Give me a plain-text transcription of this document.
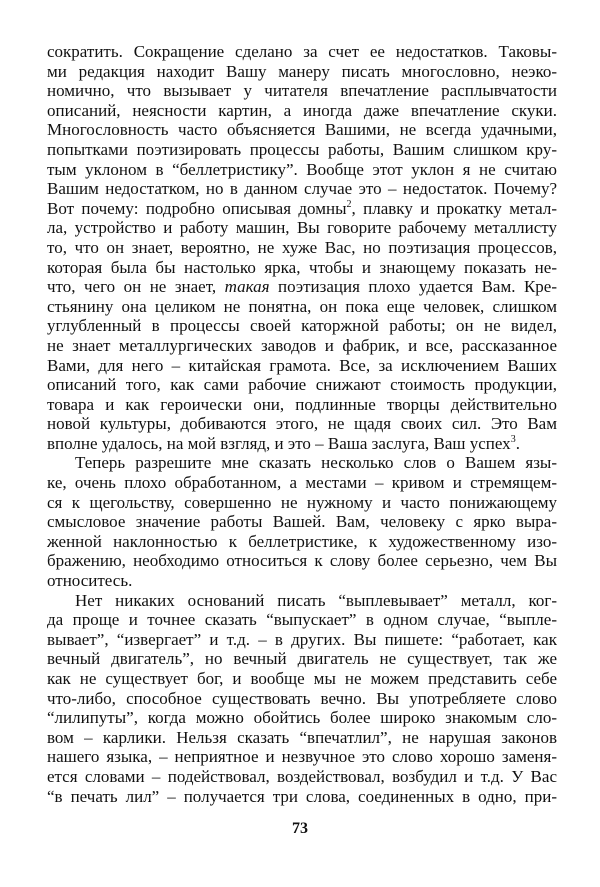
сократить. Сокращение сделано за счет ее недостатков. Таковы-
ми редакция находит Вашу манеру писать многословно, неэко-
номично, что вызывает у читателя впечатление расплывчатости
описаний, неясности картин, а иногда даже впечатление скуки.
Многословность часто объясняется Вашими, не всегда удачными,
попытками поэтизировать процессы работы, Вашим слишком кру-
тым уклоном в “беллетристику”. Вообще этот уклон я не считаю
Вашим недостатком, но в данном случае это – недостаток. Почему?
Вот почему: подробно описывая домны$^2$, плавку и прокатку метал-
ла, устройство и работу машин, Вы говорите рабочему металлисту
то, что он знает, вероятно, не хуже Вас, но поэтизация процессов,
которая была бы настолько ярка, чтобы и знающему показать не-
что, чего он не знает, такая поэтизация плохо удается Вам. Кре-
стьянину она целиком не понятна, он пока еще человек, слишком
углубленный в процессы своей каторжной работы; он не видел,
не знает металлургических заводов и фабрик, и все, рассказанное
Вами, для него – китайская грамота. Все, за исключением Ваших
описаний того, как сами рабочие снижают стоимость продукции,
товара и как героически они, подлинные творцы действительно
новой культуры, добиваются этого, не щадя своих сил. Это Вам
вполне удалось, на мой взгляд, и это – Ваша заслуга, Ваш успех$^3$.
Теперь разрешите мне сказать несколько слов о Вашем язы-
ке, очень плохо обработанном, а местами – кривом и стремящем-
ся к щегольству, совершенно не нужному и часто понижающему
смысловое значение работы Вашей. Вам, человеку с ярко выра-
женной наклонностью к беллетристике, к художественному изо-
бражению, необходимо относиться к слову более серьезно, чем Вы
относитесь.
Нет никаких оснований писать “выплевывает” металл, ког-
да проще и точнее сказать “выпускает” в одном случае, “выпле-
вывает”, “извергает” и т.д. – в других. Вы пишете: “работает, как
вечный двигатель”, но вечный двигатель не существует, так же
как не существует бог, и вообще мы не можем представить себе
что-либо, способное существовать вечно. Вы употребляете слово
“лилипуты”, когда можно обойтись более широко знакомым сло-
вом – карлики. Нельзя сказать “впечатлил”, не нарушая законов
нашего языка, – неприятное и незвучное это слово хорошо заменя-
ется словами – подействовал, воздействовал, возбудил и т.д. У Вас
“в печать лил” – получается три слова, соединенных в одно, при-
73
